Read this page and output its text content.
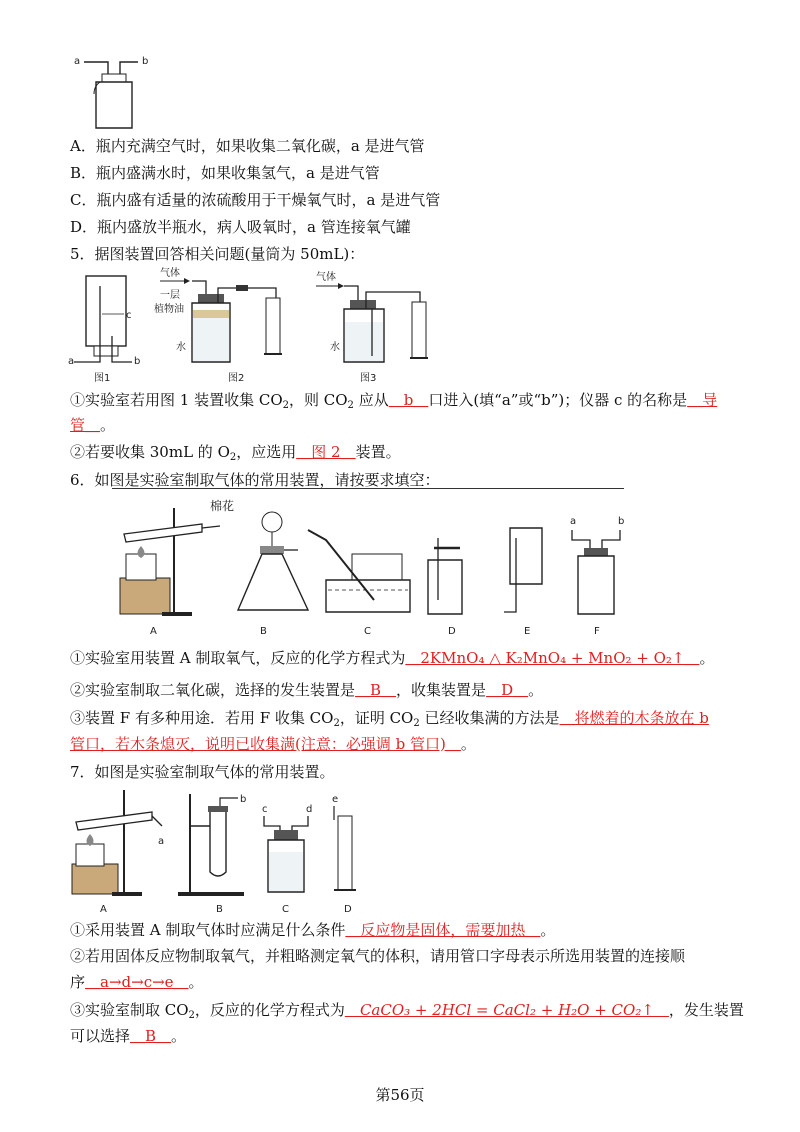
a	b
A．瓶内充满空气时，如果收集二氧化碳，a 是进气管
B．瓶内盛满水时，如果收集氢气，a 是进气管
C．瓶内盛有适量的浓硫酸用于干燥氧气时，a 是进气管
D．瓶内盛放半瓶水，病人吸氧时，a 管连接氧气罐
5．据图装置回答相关问题(量筒为 50mL)：
c
a	b
图1
气体
一层
植物油
水
图2
气体
水
图3
①实验室若用图 1 装置收集 $CO_2$，则 $CO_2$ 应从＿b＿口进入(填“a”或“b”)；仪器 c 的名称是＿导
管＿。
②若要收集 30mL 的 $O_2$，应选用＿图 2＿装置。
6．如图是实验室制取气体的常用装置，请按要求填空：
棉花
A	B	C	D	E
a	b
F
①实验室用装置 A 制取氧气，反应的化学方程式为＿2KMnO₄ △ K₂MnO₄ + MnO₂ + O₂↑＿。
②实验室制取二氧化碳，选择的发生装置是＿B＿，收集装置是＿D＿。
③装置 F 有多种用途．若用 F 收集 $CO_2$，证明 $CO_2$ 已经收集满的方法是＿将燃着的木条放在 b
管口，若木条熄灭，说明已收集满(注意：必强调 b 管口)＿。
7．如图是实验室制取气体的常用装置。
a
A
b
B
c	d
C
e
D
①采用装置 A 制取气体时应满足什么条件＿反应物是固体，需要加热＿。
②若用固体反应物制取氧气，并粗略测定氧气的体积，请用管口字母表示所选用装置的连接顺
序＿a→d→c→e＿。
③实验室制取 $CO_2$，反应的化学方程式为＿CaCO₃ + 2HCl = CaCl₂ + H₂O + CO₂↑＿，发生装置
可以选择＿B＿。
第56页
